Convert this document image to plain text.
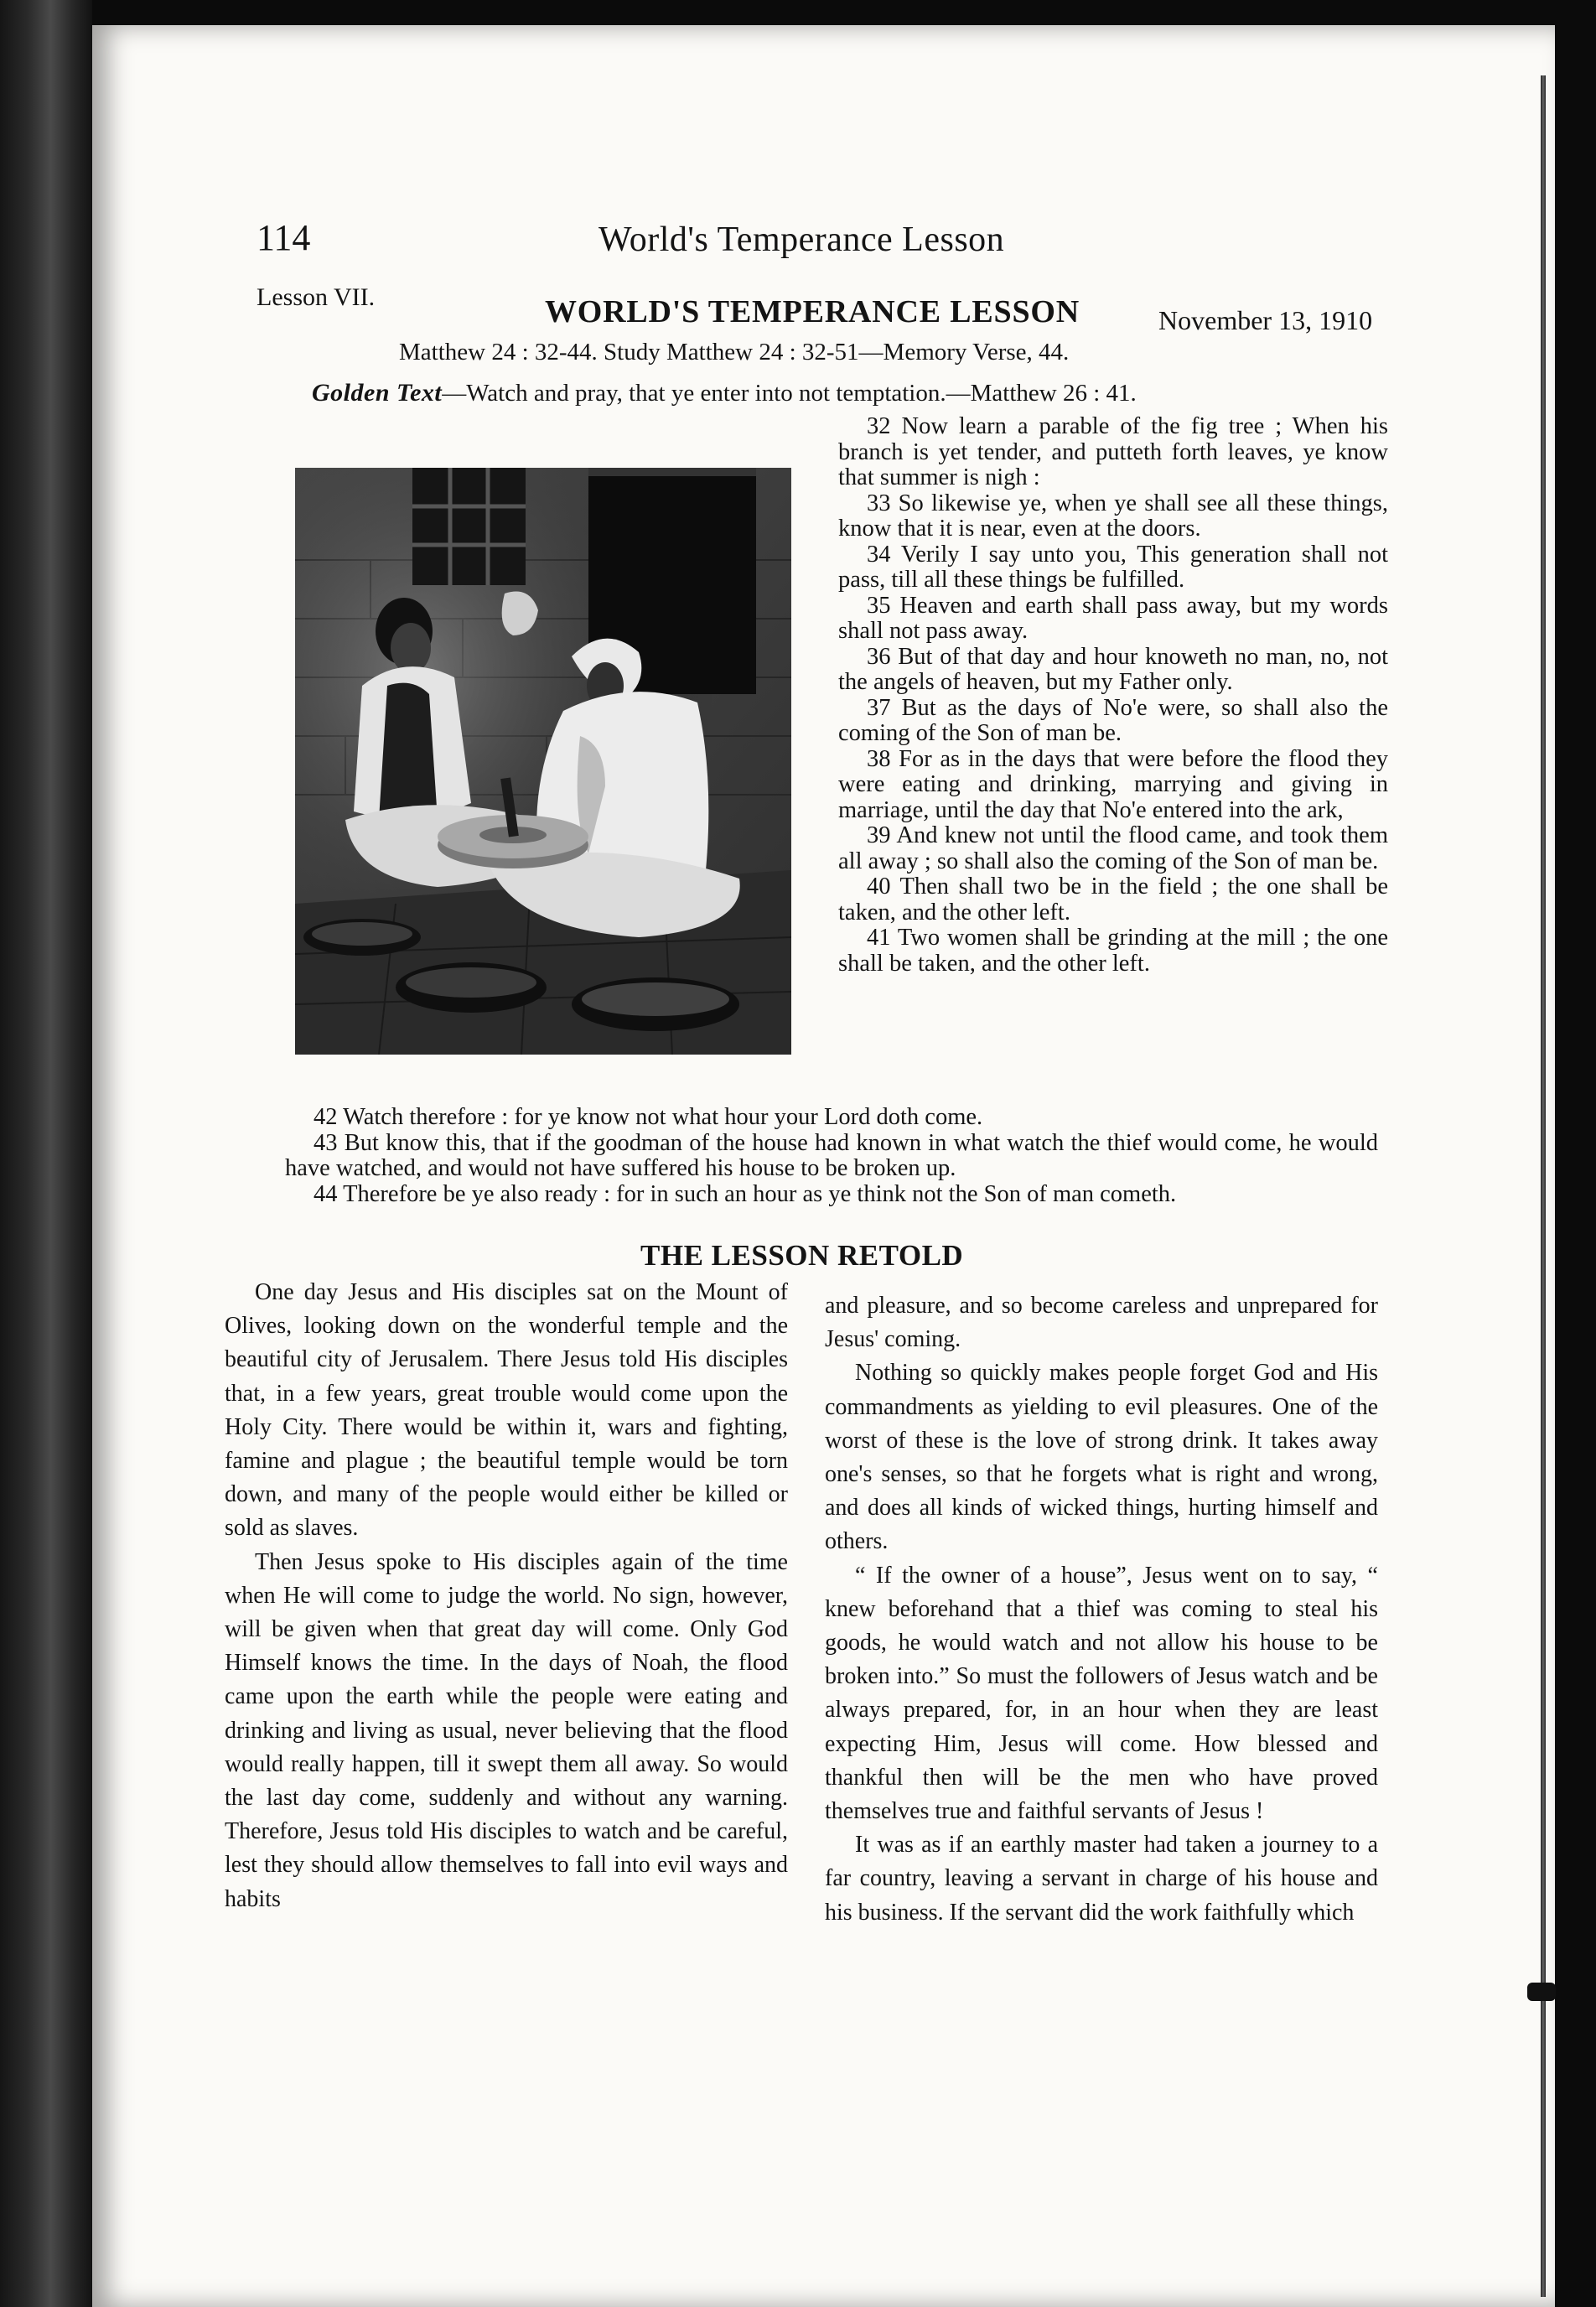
114	World's Temperance Lesson
Lesson VII.	WORLD'S TEMPERANCE LESSON	November 13, 1910
Matthew 24 : 32-44. Study Matthew 24 : 32-51—Memory Verse, 44.
Golden Text—Watch and pray, that ye enter into not temptation.—Matthew 26 : 41.

32 Now learn a parable of the fig tree ; When his branch is yet tender, and putteth forth leaves, ye know that summer is nigh :

33 So likewise ye, when ye shall see all these things, know that it is near, even at the doors.

34 Verily I say unto you, This generation shall not pass, till all these things be fulfilled.

35 Heaven and earth shall pass away, but my words shall not pass away.

36 But of that day and hour knoweth no man, no, not the angels of heaven, but my Father only.

37 But as the days of No'e were, so shall also the coming of the Son of man be.

38 For as in the days that were before the flood they were eating and drinking, marrying and giving in marriage, until the day that No'e entered into the ark,

39 And knew not until the flood came, and took them all away ; so shall also the coming of the Son of man be.

40 Then shall two be in the field ; the one shall be taken, and the other left.

41 Two women shall be grinding at the mill ; the one shall be taken, and the other left.

42 Watch therefore : for ye know not what hour your Lord doth come.

43 But know this, that if the goodman of the house had known in what watch the thief would come, he would have watched, and would not have suffered his house to be broken up.

44 Therefore be ye also ready : for in such an hour as ye think not the Son of man cometh.

THE LESSON RETOLD

One day Jesus and His disciples sat on the Mount of Olives, looking down on the wonderful temple and the beautiful city of Jerusalem. There Jesus told His disciples that, in a few years, great trouble would come upon the Holy City. There would be within it, wars and fighting, famine and plague ; the beautiful temple would be torn down, and many of the people would either be killed or sold as slaves.

Then Jesus spoke to His disciples again of the time when He will come to judge the world. No sign, however, will be given when that great day will come. Only God Himself knows the time. In the days of Noah, the flood came upon the earth while the people were eating and drinking and living as usual, never believing that the flood would really happen, till it swept them all away. So would the last day come, suddenly and without any warning. Therefore, Jesus told His disciples to watch and be careful, lest they should allow themselves to fall into evil ways and habits

and pleasure, and so become careless and unprepared for Jesus' coming.

Nothing so quickly makes people forget God and His commandments as yielding to evil pleasures. One of the worst of these is the love of strong drink. It takes away one's senses, so that he forgets what is right and wrong, and does all kinds of wicked things, hurting himself and others.

“ If the owner of a house”, Jesus went on to say, “ knew beforehand that a thief was coming to steal his goods, he would watch and not allow his house to be broken into.” So must the followers of Jesus watch and be always prepared, for, in an hour when they are least expecting Him, Jesus will come. How blessed and thankful then will be the men who have proved themselves true and faithful servants of Jesus !

It was as if an earthly master had taken a journey to a far country, leaving a servant in charge of his house and his business. If the servant did the work faithfully which
